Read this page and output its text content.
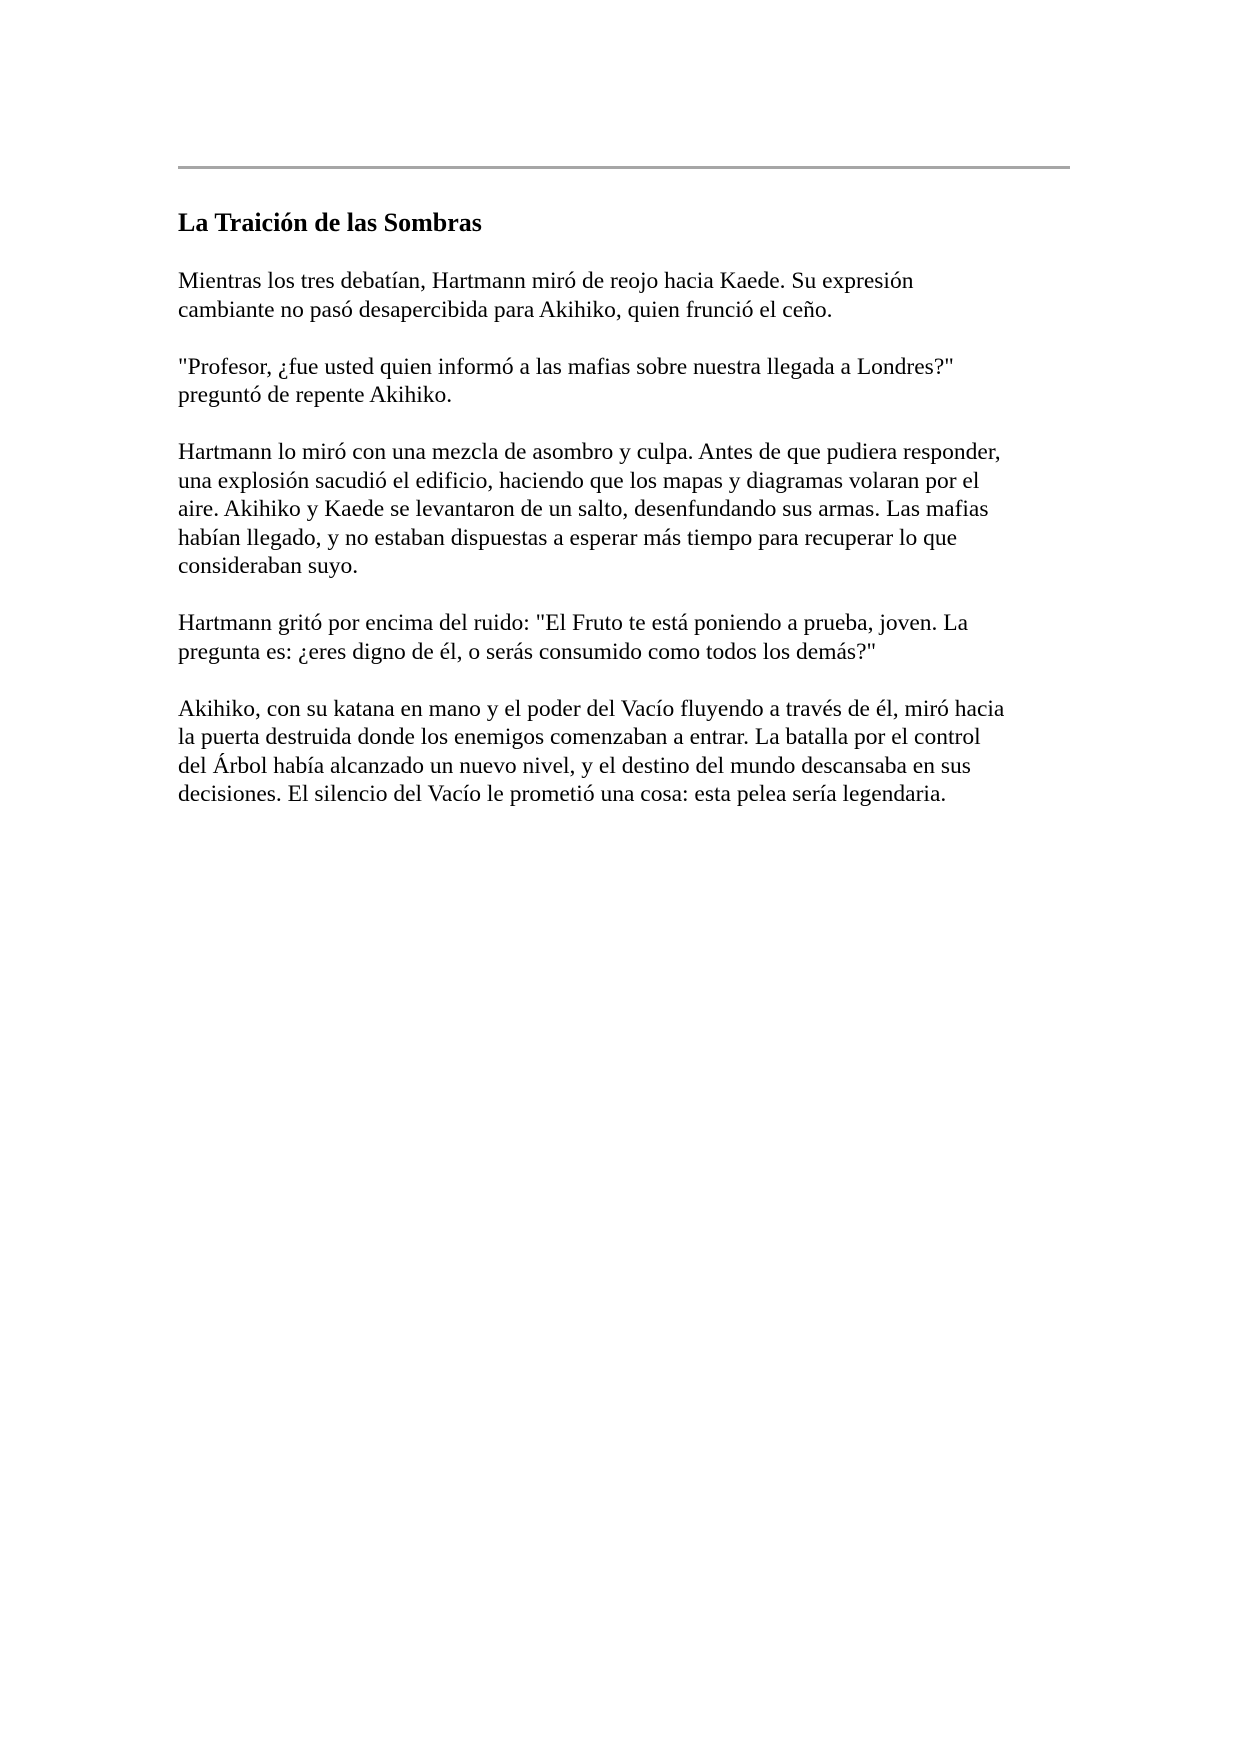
La Traición de las Sombras

Mientras los tres debatían, Hartmann miró de reojo hacia Kaede. Su expresión
cambiante no pasó desapercibida para Akihiko, quien frunció el ceño.

"Profesor, ¿fue usted quien informó a las mafias sobre nuestra llegada a Londres?"
preguntó de repente Akihiko.

Hartmann lo miró con una mezcla de asombro y culpa. Antes de que pudiera responder,
una explosión sacudió el edificio, haciendo que los mapas y diagramas volaran por el
aire. Akihiko y Kaede se levantaron de un salto, desenfundando sus armas. Las mafias
habían llegado, y no estaban dispuestas a esperar más tiempo para recuperar lo que
consideraban suyo.

Hartmann gritó por encima del ruido: "El Fruto te está poniendo a prueba, joven. La
pregunta es: ¿eres digno de él, o serás consumido como todos los demás?"

Akihiko, con su katana en mano y el poder del Vacío fluyendo a través de él, miró hacia
la puerta destruida donde los enemigos comenzaban a entrar. La batalla por el control
del Árbol había alcanzado un nuevo nivel, y el destino del mundo descansaba en sus
decisiones. El silencio del Vacío le prometió una cosa: esta pelea sería legendaria.
